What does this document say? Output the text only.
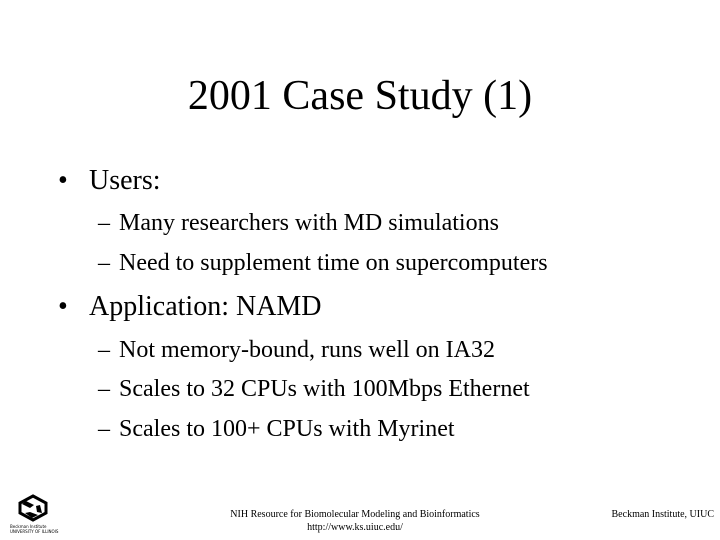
2001 Case Study (1)
• Users:
– Many researchers with MD simulations
– Need to supplement time on supercomputers
• Application: NAMD
– Not memory-bound, runs well on IA32
– Scales to 32 CPUs with 100Mbps Ethernet
– Scales to 100+ CPUs with Myrinet
Beckman Institute
UNIVERSITY OF ILLINOIS
NIH Resource for Biomolecular Modeling and Bioinformatics
http://www.ks.uiuc.edu/
Beckman Institute, UIUC
